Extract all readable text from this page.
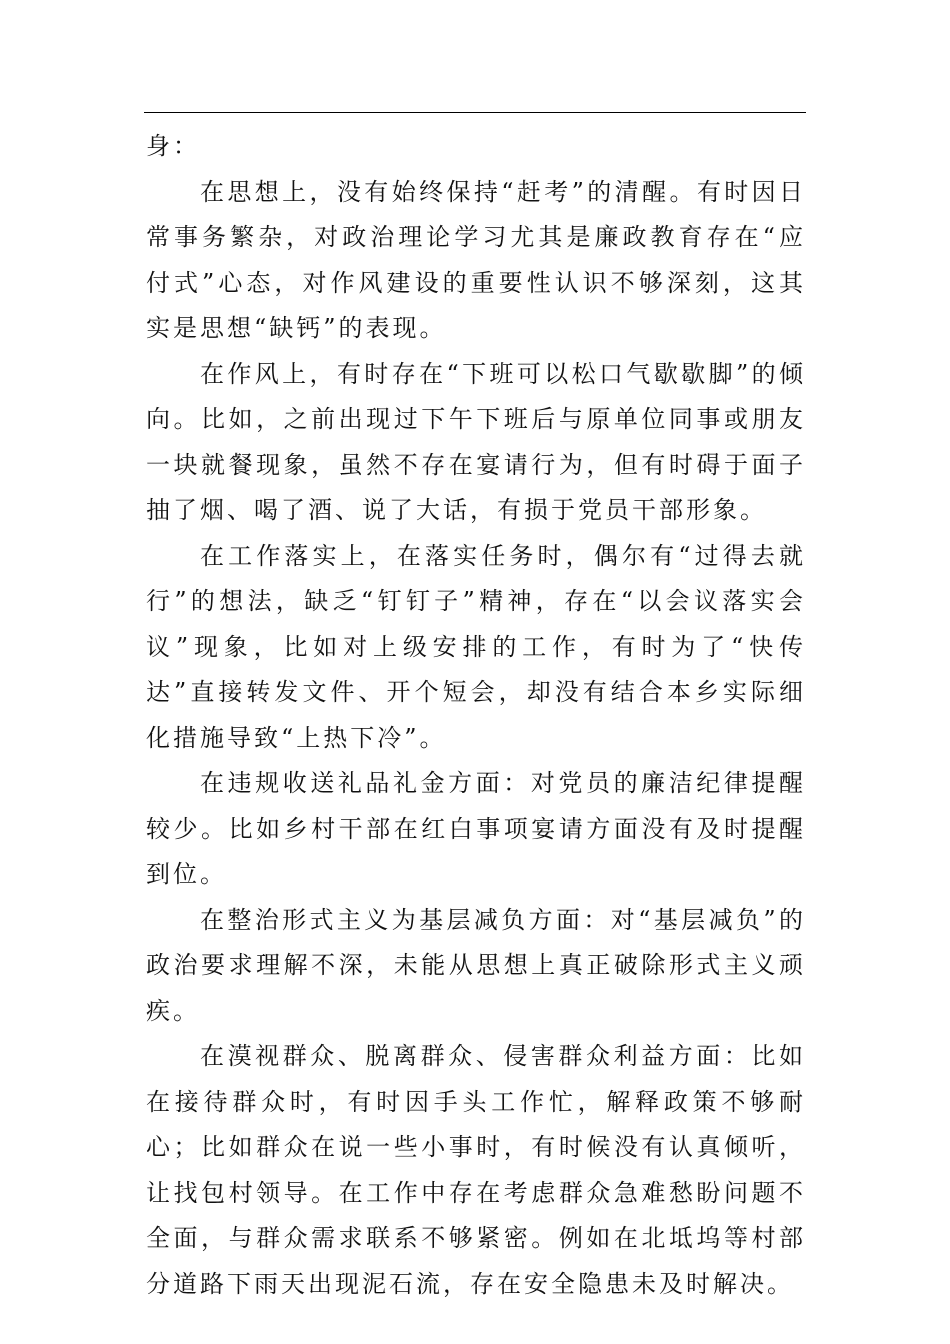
身：

在思想上，没有始终保持“赶考”的清醒。有时因日常事务繁杂，对政治理论学习尤其是廉政教育存在“应付式”心态，对作风建设的重要性认识不够深刻，这其实是思想“缺钙”的表现。

在作风上，有时存在“下班可以松口气歇歇脚”的倾向。比如，之前出现过下午下班后与原单位同事或朋友一块就餐现象，虽然不存在宴请行为，但有时碍于面子抽了烟、喝了酒、说了大话，有损于党员干部形象。

在工作落实上，在落实任务时，偶尔有“过得去就行”的想法，缺乏“钉钉子”精神，存在“以会议落实会议”现象，比如对上级安排的工作，有时为了“快传达”直接转发文件、开个短会，却没有结合本乡实际细化措施导致“上热下冷”。

在违规收送礼品礼金方面：对党员的廉洁纪律提醒较少。比如乡村干部在红白事项宴请方面没有及时提醒到位。

在整治形式主义为基层减负方面：对“基层减负”的政治要求理解不深，未能从思想上真正破除形式主义顽疾。

在漠视群众、脱离群众、侵害群众利益方面：比如在接待群众时，有时因手头工作忙，解释政策不够耐心；比如群众在说一些小事时，有时候没有认真倾听，让找包村领导。在工作中存在考虑群众急难愁盼问题不全面，与群众需求联系不够紧密。例如在北坻坞等村部分道路下雨天出现泥石流，存在安全隐患未及时解决。
